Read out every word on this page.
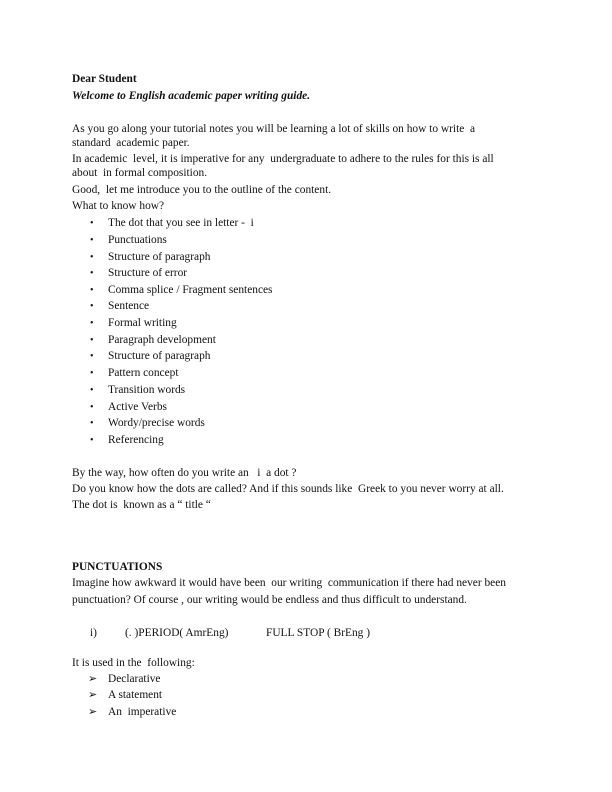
Dear Student
Welcome to English academic paper writing guide.
As you go along your tutorial notes you will be learning a lot of skills on how to write  a
standard  academic paper.
In academic  level, it is imperative for any  undergraduate to adhere to the rules for this is all
about  in formal composition.
Good,  let me introduce you to the outline of the content.
What to know how?
• The dot that you see in letter -  i
• Punctuations
• Structure of paragraph
• Structure of error
• Comma splice / Fragment sentences
• Sentence
• Formal writing
• Paragraph development
• Structure of paragraph
• Pattern concept
• Transition words
• Active Verbs
• Wordy/precise words
• Referencing
By the way, how often do you write an   i  a dot ?
Do you know how the dots are called? And if this sounds like  Greek to you never worry at all.
The dot is  known as a “ title “
PUNCTUATIONS
Imagine how awkward it would have been  our writing  communication if there had never been
punctuation? Of course , our writing would be endless and thus difficult to understand.
i) (. )PERIOD( AmrEng)	FULL STOP ( BrEng )
It is used in the  following:
➢ Declarative
➢ A statement
➢ An  imperative
